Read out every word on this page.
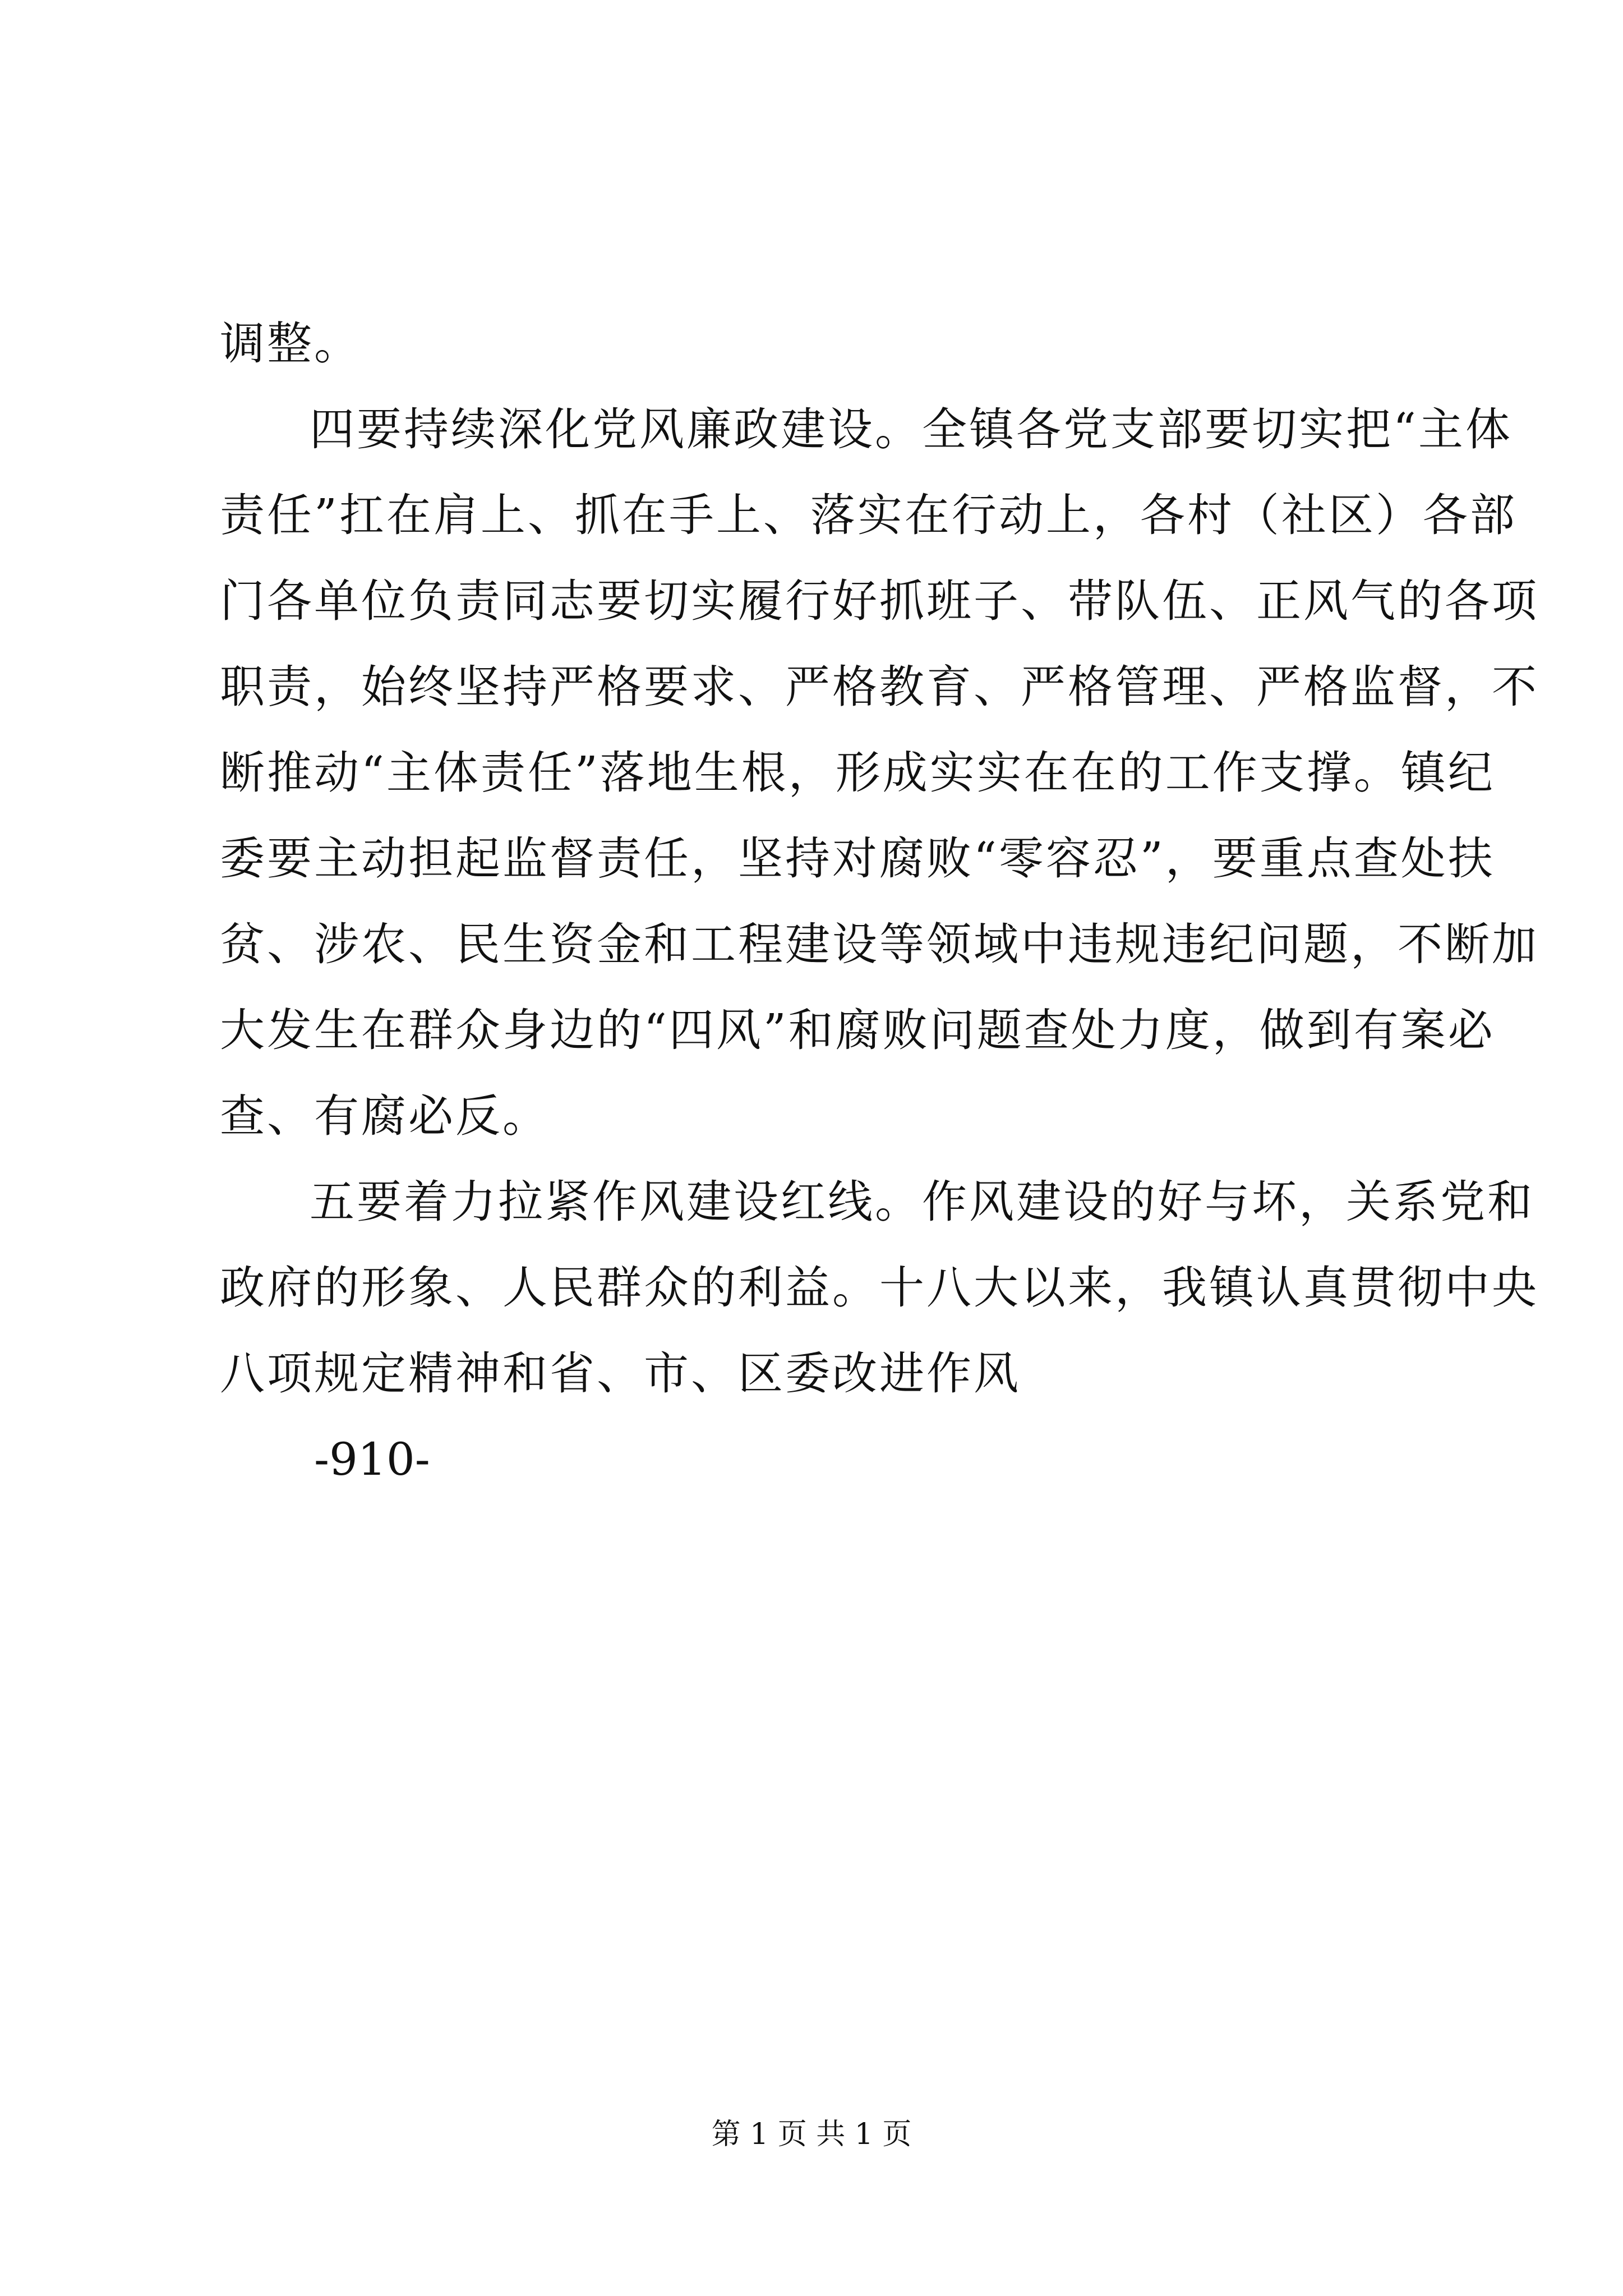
调整。
四要持续深化党风廉政建设。全镇各党支部要切实把“主体
责任”扛在肩上、抓在手上、落实在行动上，各村（社区）各部
门各单位负责同志要切实履行好抓班子、带队伍、正风气的各项
职责，始终坚持严格要求、严格教育、严格管理、严格监督，不
断推动“主体责任”落地生根，形成实实在在的工作支撑。镇纪
委要主动担起监督责任，坚持对腐败“零容忍”，要重点查处扶
贫、涉农、民生资金和工程建设等领域中违规违纪问题，不断加
大发生在群众身边的“四风”和腐败问题查处力度，做到有案必
查、有腐必反。
五要着力拉紧作风建设红线。作风建设的好与坏，关系党和
政府的形象、人民群众的利益。十八大以来，我镇认真贯彻中央
八项规定精神和省、市、区委改进作风
-910-
第 1 页 共 1 页
